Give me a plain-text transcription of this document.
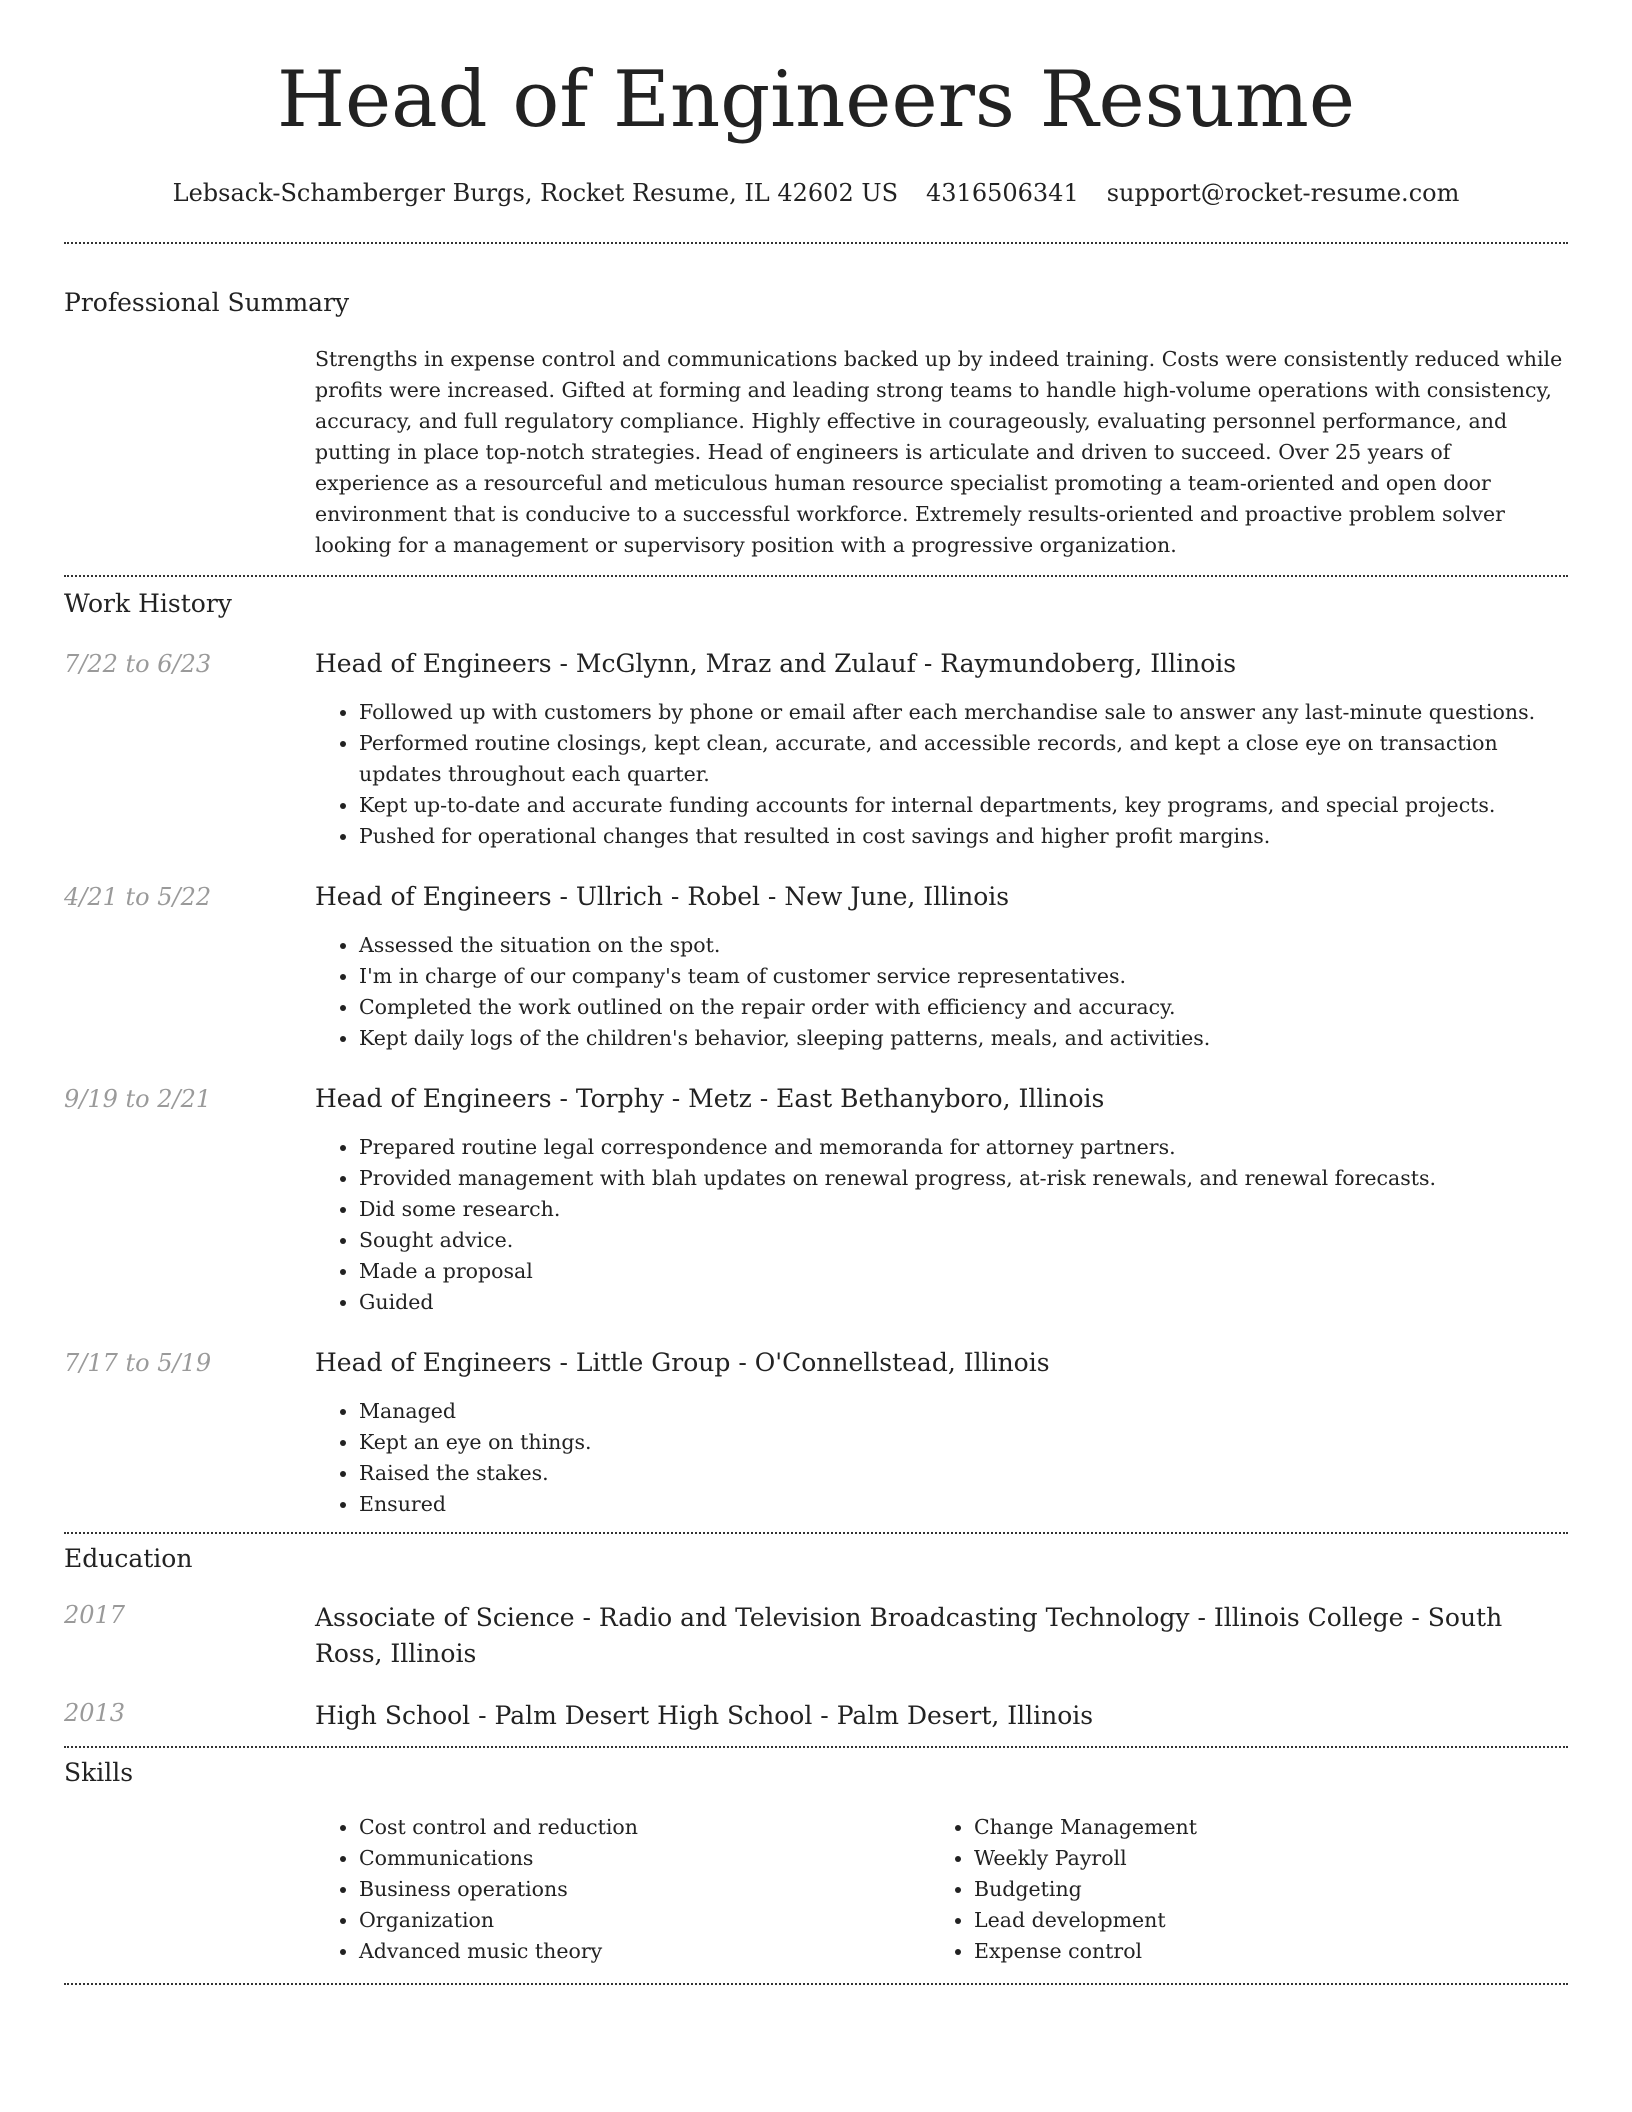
Head of Engineers Resume
Lebsack-Schamberger Burgs, Rocket Resume, IL 42602 US 4316506341 support@rocket-resume.com
Professional Summary
Strengths in expense control and communications backed up by indeed training. Costs were consistently reduced while profits were increased. Gifted at forming and leading strong teams to handle high-volume operations with consistency, accuracy, and full regulatory compliance. Highly effective in courageously, evaluating personnel performance, and putting in place top-notch strategies. Head of engineers is articulate and driven to succeed. Over 25 years of experience as a resourceful and meticulous human resource specialist promoting a team-oriented and open door environment that is conducive to a successful workforce. Extremely results-oriented and proactive problem solver looking for a management or supervisory position with a progressive organization.
Work History
7/22 to 6/23	Head of Engineers - McGlynn, Mraz and Zulauf - Raymundoberg, Illinois
• Followed up with customers by phone or email after each merchandise sale to answer any last-minute questions.
• Performed routine closings, kept clean, accurate, and accessible records, and kept a close eye on transaction updates throughout each quarter.
• Kept up-to-date and accurate funding accounts for internal departments, key programs, and special projects.
• Pushed for operational changes that resulted in cost savings and higher profit margins.
4/21 to 5/22	Head of Engineers - Ullrich - Robel - New June, Illinois
• Assessed the situation on the spot.
• I'm in charge of our company's team of customer service representatives.
• Completed the work outlined on the repair order with efficiency and accuracy.
• Kept daily logs of the children's behavior, sleeping patterns, meals, and activities.
9/19 to 2/21	Head of Engineers - Torphy - Metz - East Bethanyboro, Illinois
• Prepared routine legal correspondence and memoranda for attorney partners.
• Provided management with blah updates on renewal progress, at-risk renewals, and renewal forecasts.
• Did some research.
• Sought advice.
• Made a proposal
• Guided
7/17 to 5/19	Head of Engineers - Little Group - O'Connellstead, Illinois
• Managed
• Kept an eye on things.
• Raised the stakes.
• Ensured
Education
2017	Associate of Science - Radio and Television Broadcasting Technology - Illinois College - South Ross, Illinois
2013	High School - Palm Desert High School - Palm Desert, Illinois
Skills
• Cost control and reduction
• Communications
• Business operations
• Organization
• Advanced music theory
• Change Management
• Weekly Payroll
• Budgeting
• Lead development
• Expense control
